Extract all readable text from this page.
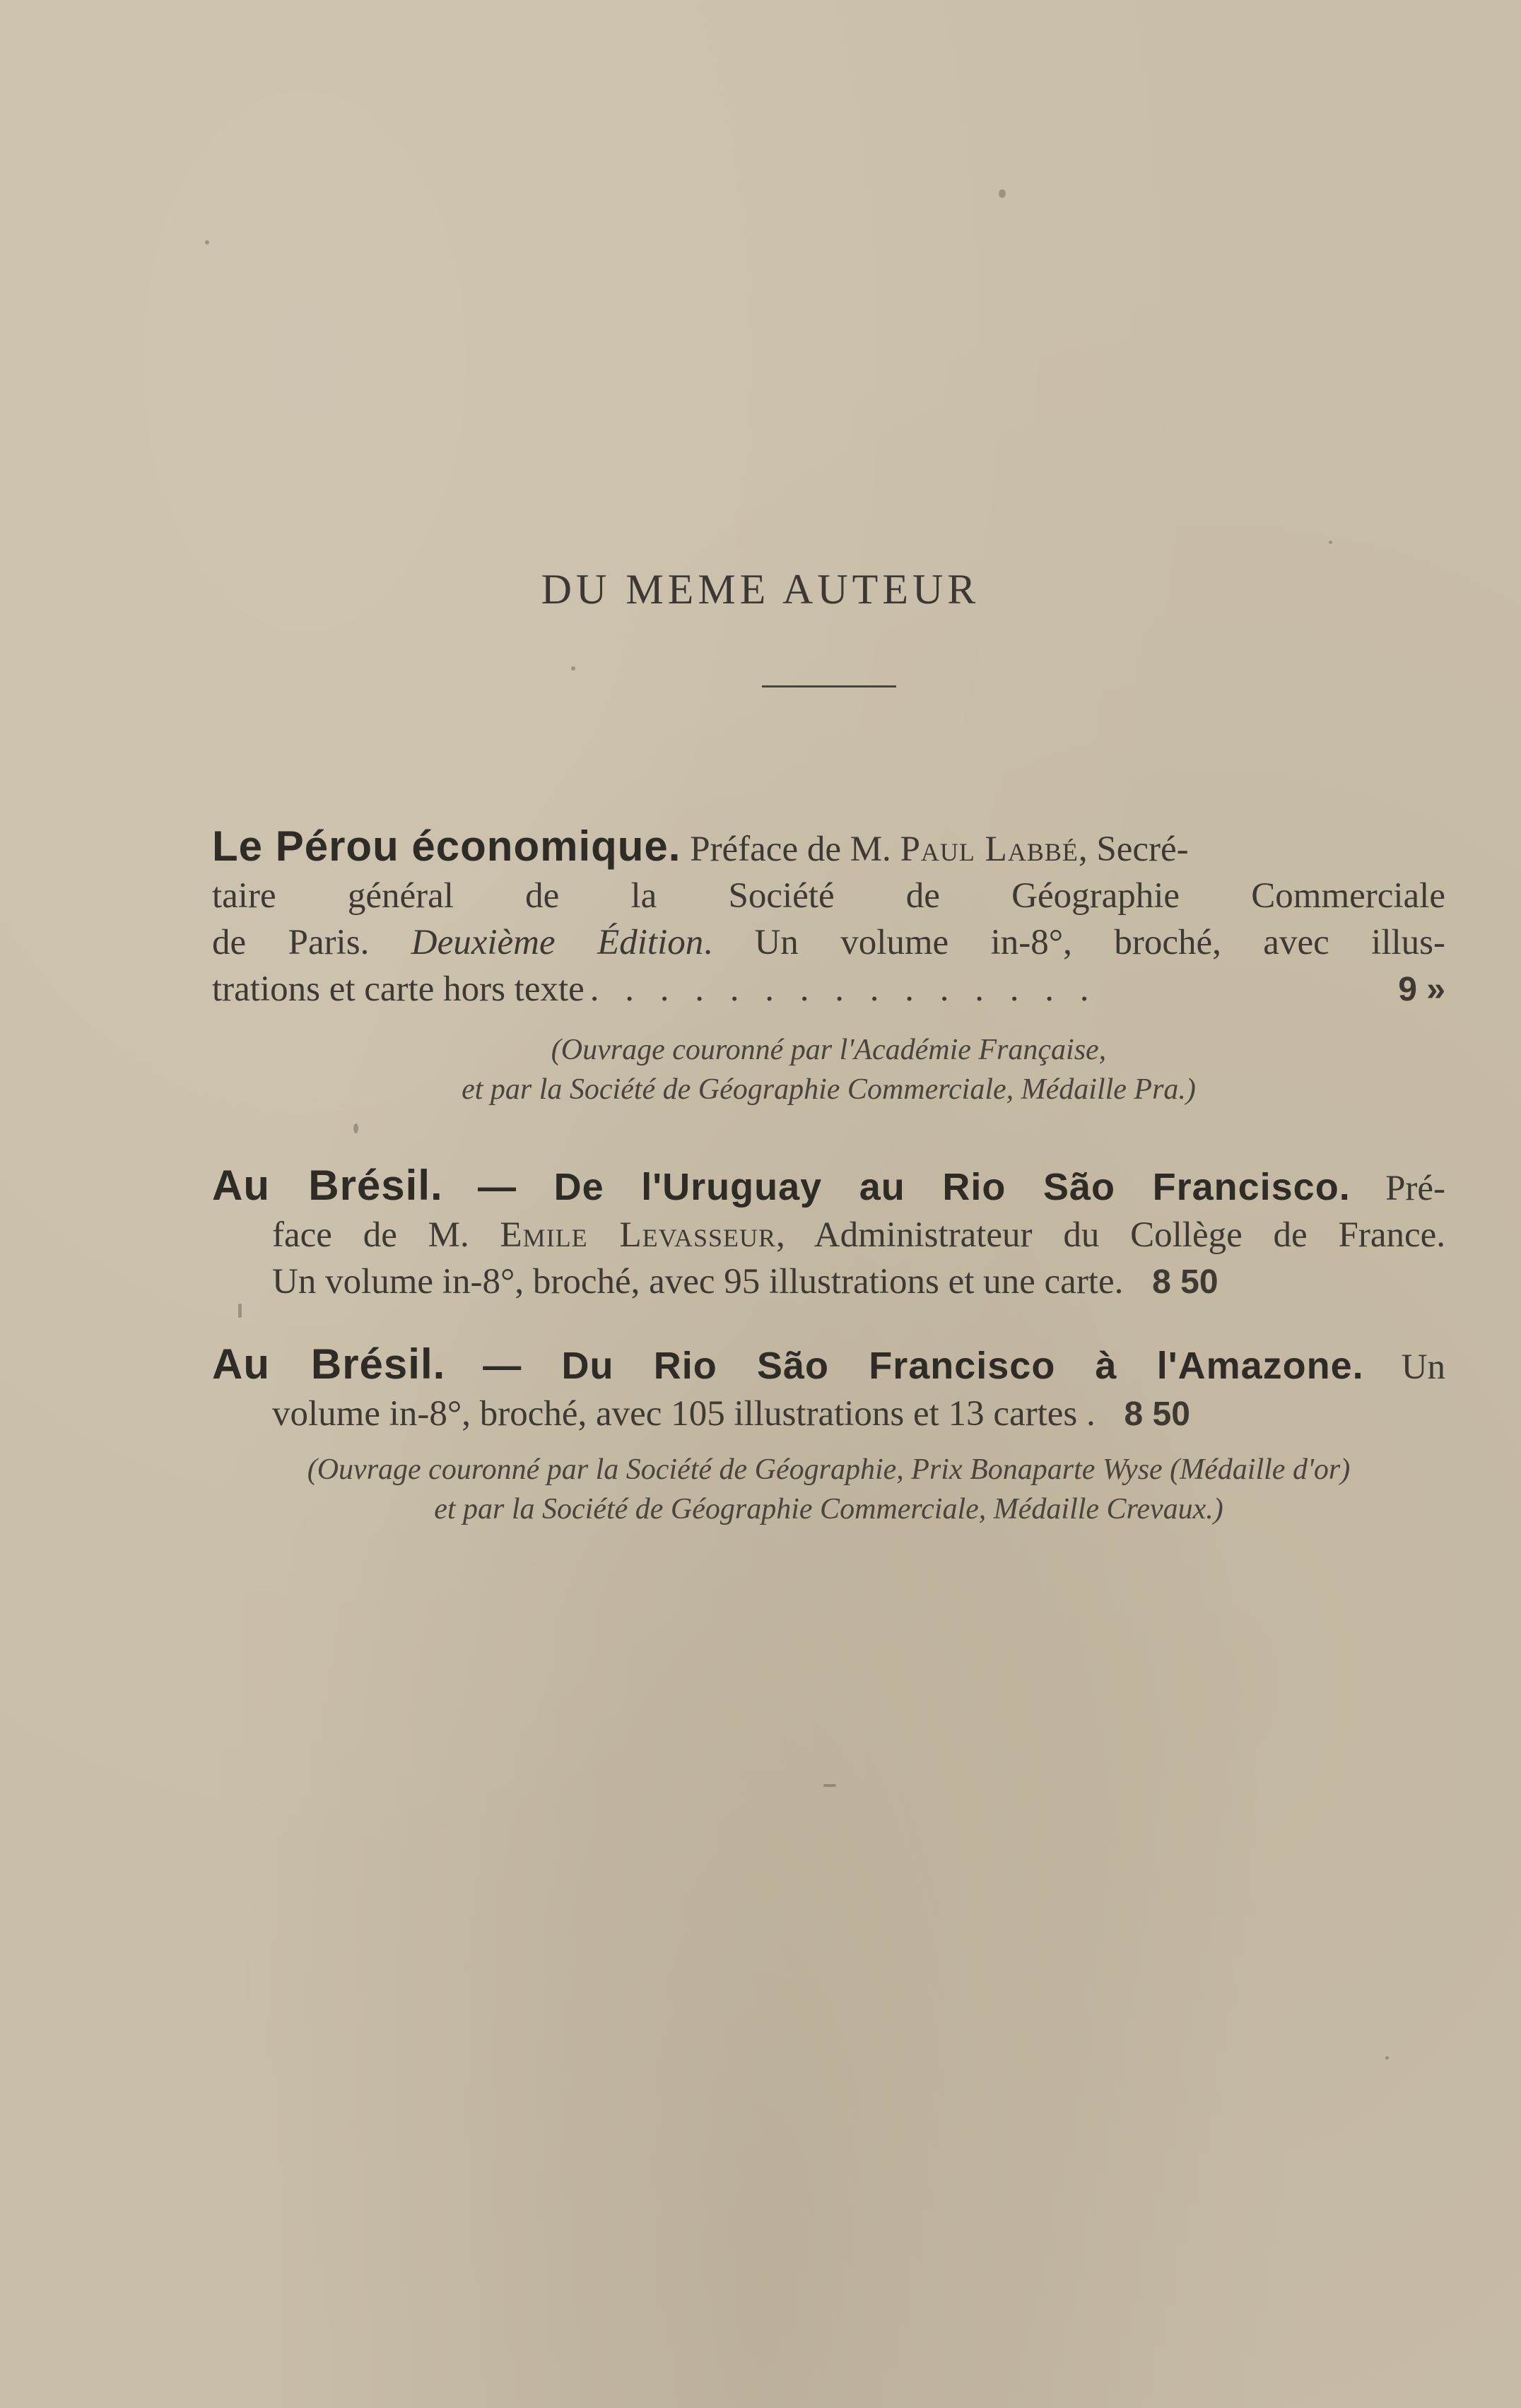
DU MEME AUTEUR
Le Pérou économique. Préface de M. Paul Labbé, Secré-
taire général de la Société de Géographie Commerciale
de Paris. Deuxième Édition. Un volume in-8°, broché, avec illus-
trations et carte hors texte . . . . . . . . . . . . . . .	9 »
(Ouvrage couronné par l'Académie Française,
et par la Société de Géographie Commerciale, Médaille Pra.)
Au Brésil. — De l'Uruguay au Rio São Francisco. Pré-
face de M. Emile Levasseur, Administrateur du Collège de France.
Un volume in-8°, broché, avec 95 illustrations et une carte. 8 50
Au Brésil. — Du Rio São Francisco à l'Amazone. Un
volume in-8°, broché, avec 105 illustrations et 13 cartes . 8 50
(Ouvrage couronné par la Société de Géographie, Prix Bonaparte Wyse (Médaille d'or)
et par la Société de Géographie Commerciale, Médaille Crevaux.)
